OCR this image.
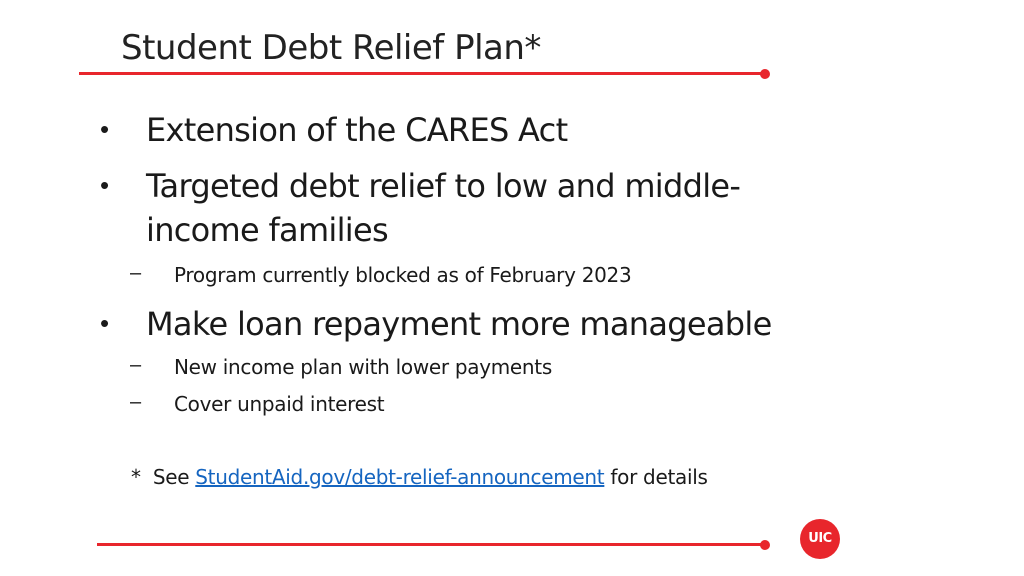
Student Debt Relief Plan*
• Extension of the CARES Act
• Targeted debt relief to low and middle-income families
– Program currently blocked as of February 2023
• Make loan repayment more manageable
– New income plan with lower payments
– Cover unpaid interest
*  See StudentAid.gov/debt-relief-announcement for details
UIC
